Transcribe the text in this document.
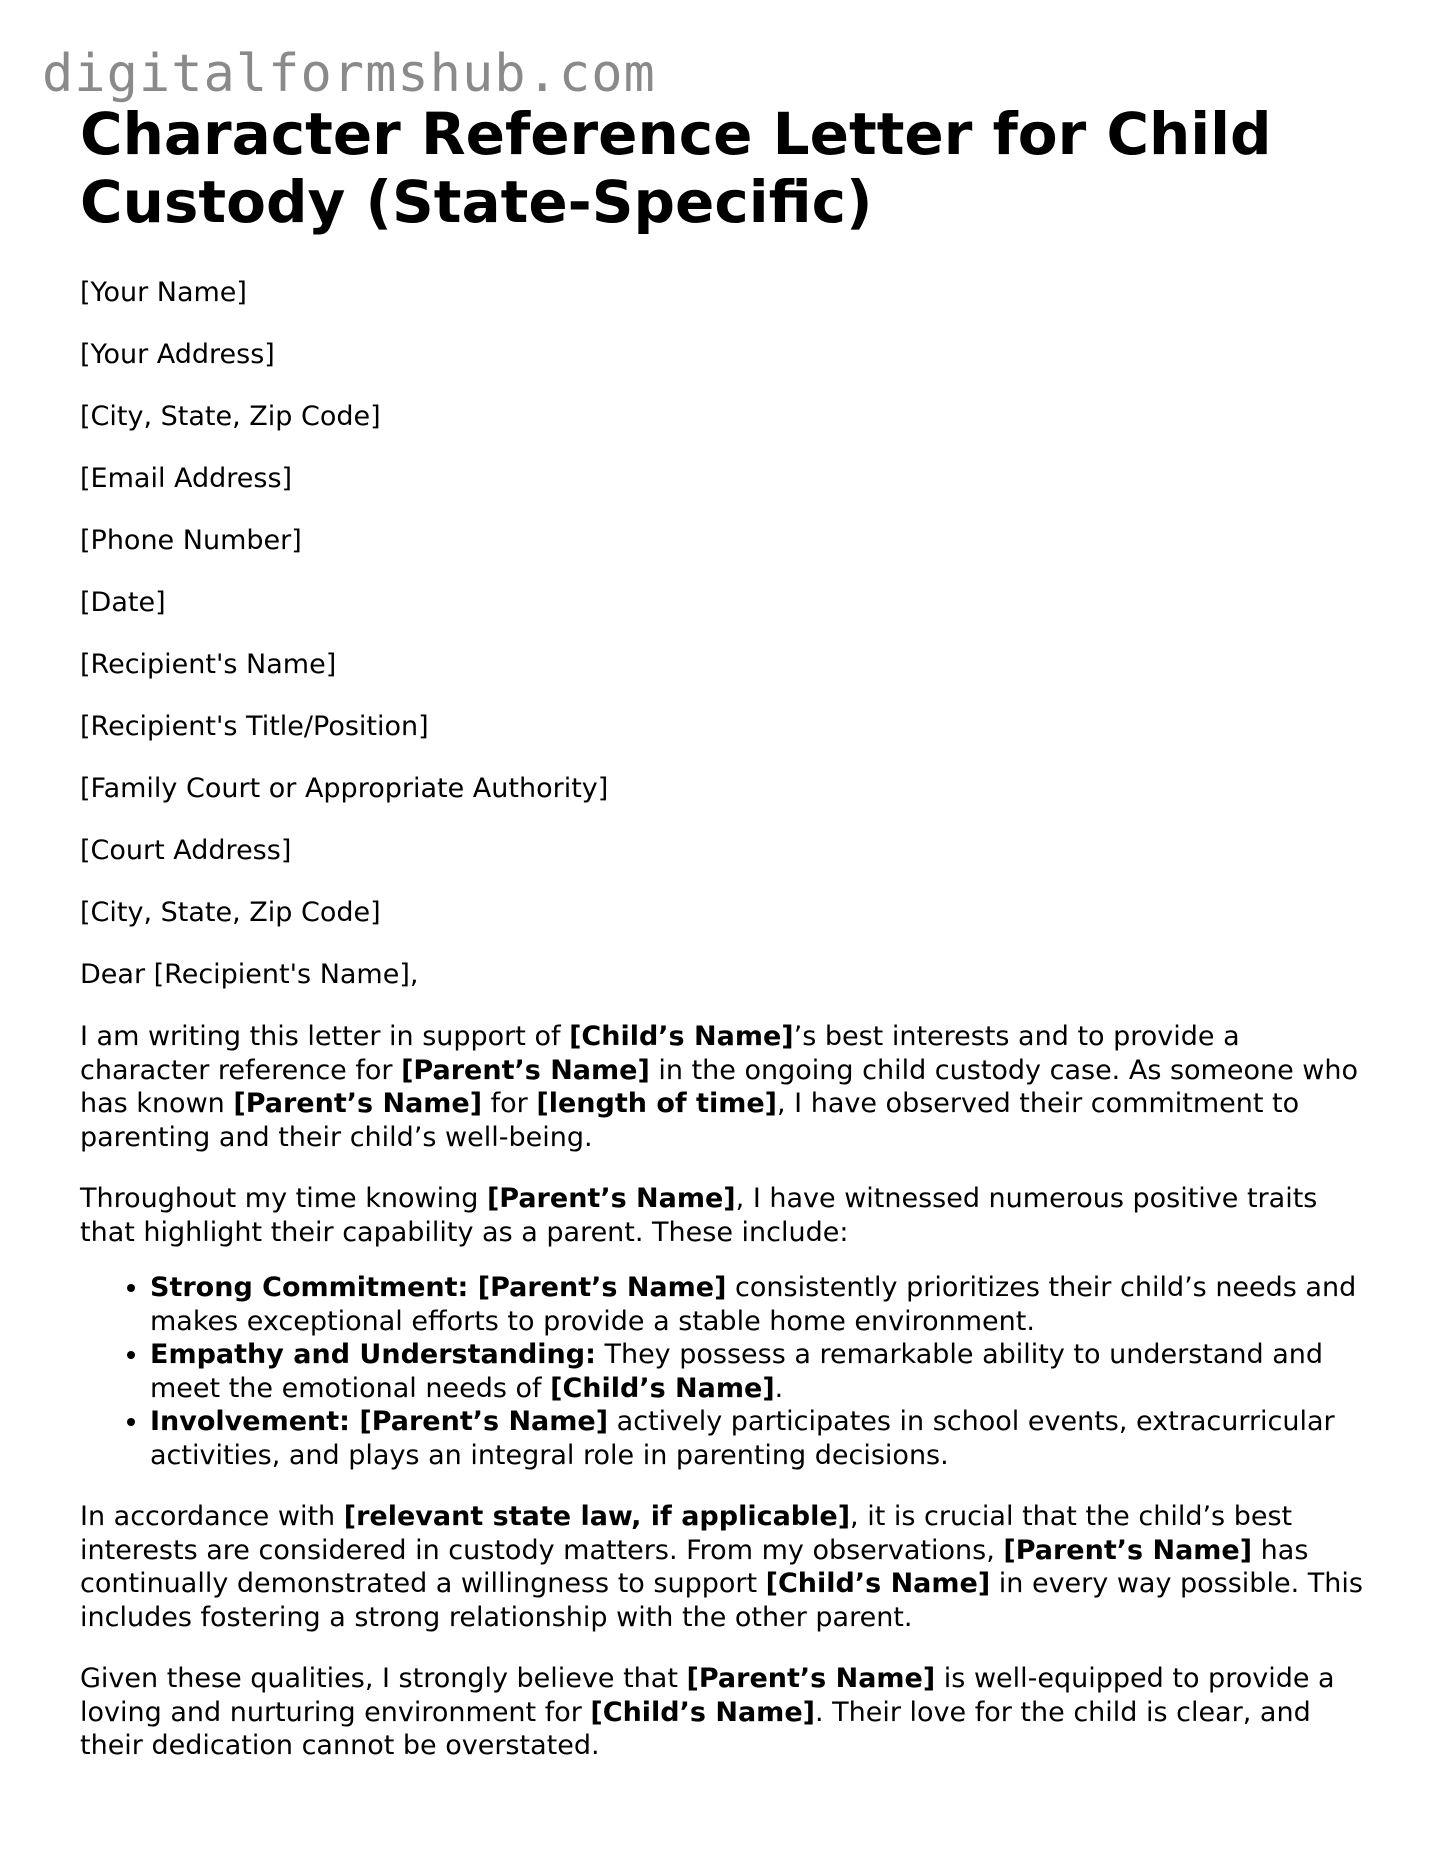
digitalformshub.com
Character Reference Letter for Child Custody (State-Specific)

[Your Name]

[Your Address]

[City, State, Zip Code]

[Email Address]

[Phone Number]

[Date]

[Recipient's Name]

[Recipient's Title/Position]

[Family Court or Appropriate Authority]

[Court Address]

[City, State, Zip Code]

Dear [Recipient's Name],

I am writing this letter in support of [Child’s Name]’s best interests and to provide a character reference for [Parent’s Name] in the ongoing child custody case. As someone who has known [Parent’s Name] for [length of time], I have observed their commitment to parenting and their child’s well-being.

Throughout my time knowing [Parent’s Name], I have witnessed numerous positive traits that highlight their capability as a parent. These include:

• Strong Commitment: [Parent’s Name] consistently prioritizes their child’s needs and makes exceptional efforts to provide a stable home environment.
• Empathy and Understanding: They possess a remarkable ability to understand and meet the emotional needs of [Child’s Name].
• Involvement: [Parent’s Name] actively participates in school events, extracurricular activities, and plays an integral role in parenting decisions.

In accordance with [relevant state law, if applicable], it is crucial that the child’s best interests are considered in custody matters. From my observations, [Parent’s Name] has continually demonstrated a willingness to support [Child’s Name] in every way possible. This includes fostering a strong relationship with the other parent.

Given these qualities, I strongly believe that [Parent’s Name] is well-equipped to provide a loving and nurturing environment for [Child’s Name]. Their love for the child is clear, and their dedication cannot be overstated.
